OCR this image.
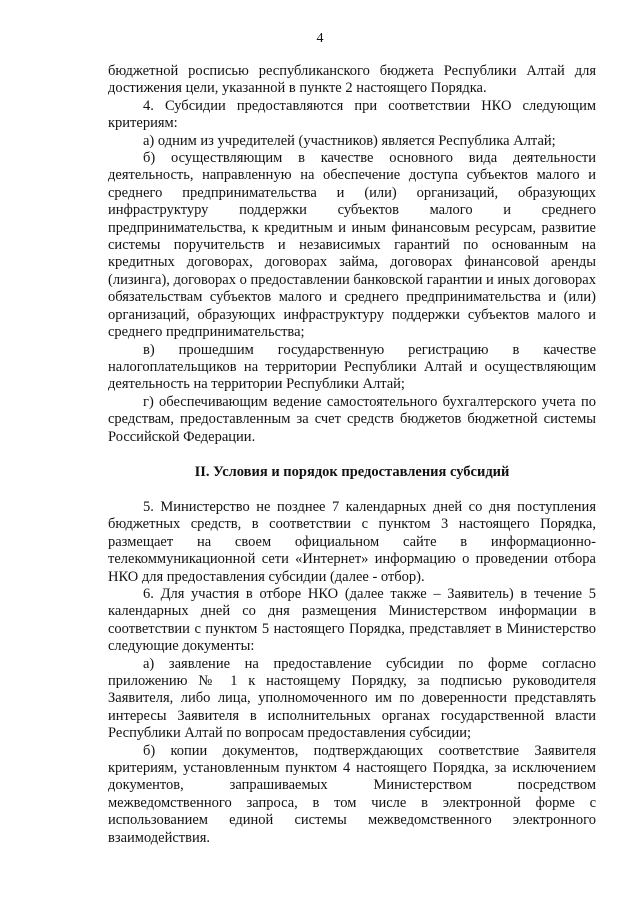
4

бюджетной росписью республиканского бюджета Республики Алтай для достижения цели, указанной в пункте 2 настоящего Порядка.

4. Субсидии предоставляются при соответствии НКО следующим критериям:

а) одним из учредителей (участников) является Республика Алтай;

б) осуществляющим в качестве основного вида деятельности деятельность, направленную на обеспечение доступа субъектов малого и среднего предпринимательства и (или) организаций, образующих инфраструктуру поддержки субъектов малого и среднего предпринимательства, к кредитным и иным финансовым ресурсам, развитие системы поручительств и независимых гарантий по основанным на кредитных договорах, договорах займа, договорах финансовой аренды (лизинга), договорах о предоставлении банковской гарантии и иных договорах обязательствам субъектов малого и среднего предпринимательства и (или) организаций, образующих инфраструктуру поддержки субъектов малого и среднего предпринимательства;

в) прошедшим государственную регистрацию в качестве налогоплательщиков на территории Республики Алтай и осуществляющим деятельность на территории Республики Алтай;

г) обеспечивающим ведение самостоятельного бухгалтерского учета по средствам, предоставленным за счет средств бюджетов бюджетной системы Российской Федерации.

II. Условия и порядок предоставления субсидий

5. Министерство не позднее 7 календарных дней со дня поступления бюджетных средств, в соответствии с пунктом 3 настоящего Порядка, размещает на своем официальном сайте в информационно-телекоммуникационной сети «Интернет» информацию о проведении отбора НКО для предоставления субсидии (далее - отбор).

6. Для участия в отборе НКО (далее также – Заявитель) в течение 5 календарных дней со дня размещения Министерством информации в соответствии с пунктом 5 настоящего Порядка, представляет в Министерство следующие документы:

а) заявление на предоставление субсидии по форме согласно приложению № 1 к настоящему Порядку, за подписью руководителя Заявителя, либо лица, уполномоченного им по доверенности представлять интересы Заявителя в исполнительных органах государственной власти Республики Алтай по вопросам предоставления субсидии;

б) копии документов, подтверждающих соответствие Заявителя критериям, установленным пунктом 4 настоящего Порядка, за исключением документов, запрашиваемых Министерством посредством межведомственного запроса, в том числе в электронной форме с использованием единой системы межведомственного электронного взаимодействия.
